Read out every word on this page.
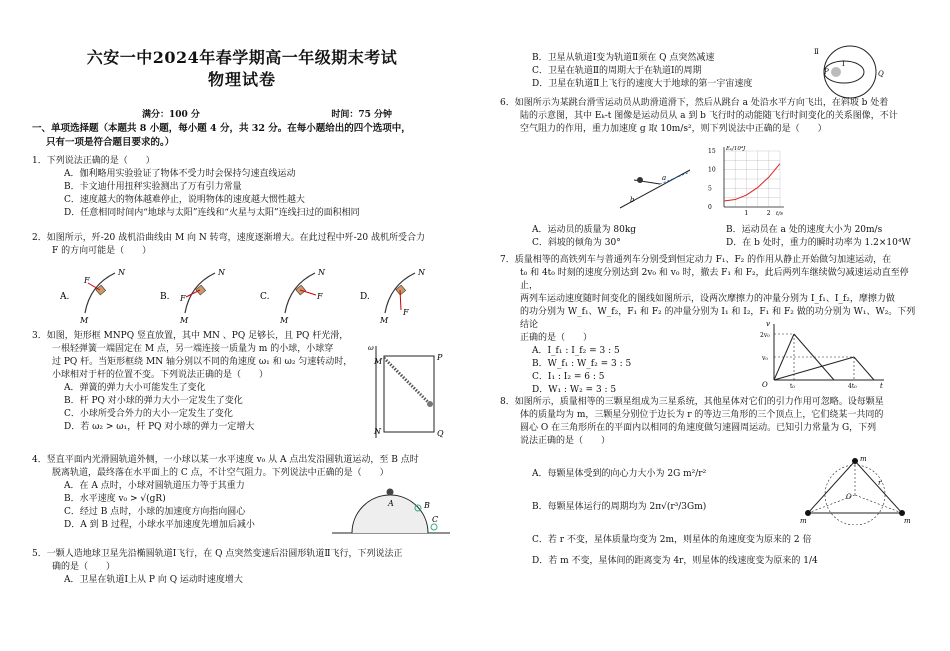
六安一中2024年春学期高一年级期末考试
物理试卷
满分：100 分	时间：75 分钟

一、单项选择题（本题共 8 小题，每小题 4 分，共 32 分。在每小题给出的四个选项中，

只有一项是符合题目要求的。）

1．下列说法正确的是（　　）

A．伽利略用实验验证了物体不受力时会保持匀速直线运动

B．卡文迪什用扭秤实验测出了万有引力常量

C．速度越大的物体越难停止，说明物体的速度越大惯性越大

D．任意相同时间内“地球与太阳”连线和“火星与太阳”连线扫过的面积相同

2．如图所示，歼-20 战机沿曲线由 M 向 N 转弯，速度逐渐增大。在此过程中歼-20 战机所受合力

F 的方向可能是（　　）

A.
F
N
M
B. F
N
M
C.	F
N
M
D.
F
N
M

3．如图，矩形框 MNPQ 竖直放置，其中 MN 、PQ 足够长，且 PQ 杆光滑，

一根轻弹簧一端固定在 M 点，另一端连接一质量为 m 的小球，小球穿

过 PQ 杆。当矩形框绕 MN 轴分别以不同的角速度 ω₁ 和 ω₂ 匀速转动时，

小球相对于杆的位置不变。下列说法正确的是（　　）

A．弹簧的弹力大小可能发生了变化

B．杆 PQ 对小球的弹力大小一定发生了变化

C．小球所受合外力的大小一定发生了变化

D．若 ω₂ > ω₁，杆 PQ 对小球的弹力一定增大

ω
M
N
P
Q

4．竖直平面内光滑圆轨道外侧，一小球以某一水平速度 v₀ 从 A 点出发沿圆轨道运动，至 B 点时

脱离轨道，最终落在水平面上的 C 点，不计空气阻力。下列说法中正确的是（　　）

A．在 A 点时，小球对圆轨道压力等于其重力

B．水平速度 v₀ > √(gR)

C．经过 B 点时，小球的加速度方向指向圆心

D．A 到 B 过程，小球水平加速度先增加后减小

A	B
C

5．一颗人造地球卫星先沿椭圆轨道Ⅰ飞行，在 Q 点突然变速后沿圆形轨道Ⅱ飞行，下列说法正

确的是（　　）

A．卫星在轨道Ⅰ上从 P 向 Q 运动时速度增大

B．卫星从轨道Ⅰ变为轨道Ⅱ须在 Q 点突然减速

C．卫星在轨道Ⅱ的周期大于在轨道Ⅰ的周期

D．卫星在轨道Ⅱ上飞行的速度大于地球的第一宇宙速度

Ⅱ
Ⅰ
P	Q

6．如图所示为某跳台滑雪运动员从助滑道滑下，然后从跳台 a 处沿水平方向飞出，在斜坡 b 处着

陆的示意图，其中 Eₖ-t 图像是运动员从 a 到 b 飞行时的动能随飞行时间变化的关系图像，不计

空气阻力的作用，重力加速度 g 取 10m/s²，则下列说法中正确的是（　　）

a
b
15
10
5
0
1	2
Eₖ/10⁴J
t/s
A．运动员的质量为 80kg	B．运动员在 a 处的速度大小为 20m/s
C．斜坡的倾角为 30°	D．在 b 处时，重力的瞬时功率为 1.2×10⁴W

7．质量相等的高铁列车与普通列车分别受到恒定动力 F₁、F₂ 的作用从静止开始做匀加速运动，在

t₀ 和 4t₀ 时刻的速度分别达到 2v₀ 和 v₀ 时，撤去 F₁ 和 F₂，此后两列车继续做匀减速运动直至停止，

两列车运动速度随时间变化的图线如图所示，设两次摩擦力的冲量分别为 I_f₁、I_f₂，摩擦力做

的功分别为 W_f₁、W_f₂，F₁ 和 F₂ 的冲量分别为 I₁ 和 I₂，F₁ 和 F₂ 做的功分别为 W₁、W₂。下列结论

正确的是（　　）

A．I_f₁ : I_f₂ = 3 : 5

B．W_f₁ : W_f₂ = 3 : 5

C．I₁ : I₂ = 6 : 5

D．W₁ : W₂ = 3 : 5

v
t
O
2v₀
v₀
t₀	4t₀

8．如图所示，质量相等的三颗星组成为三星系统，其他星体对它们的引力作用可忽略。设每颗星

体的质量均为 m，三颗星分别位于边长为 r 的等边三角形的三个顶点上，它们绕某一共同的

圆心 O 在三角形所在的平面内以相同的角速度做匀速圆周运动。已知引力常量为 G，下列

说法正确的是（　　）

A．每颗星体受到的向心力大小为 2G m²/r²

B．每颗星体运行的周期均为 2π√(r³/3Gm)

C．若 r 不变，星体质量均变为 2m，则星体的角速度变为原来的 2 倍

D．若 m 不变，星体间的距离变为 4r，则星体的线速度变为原来的 1/4

m
m	m
O
r
